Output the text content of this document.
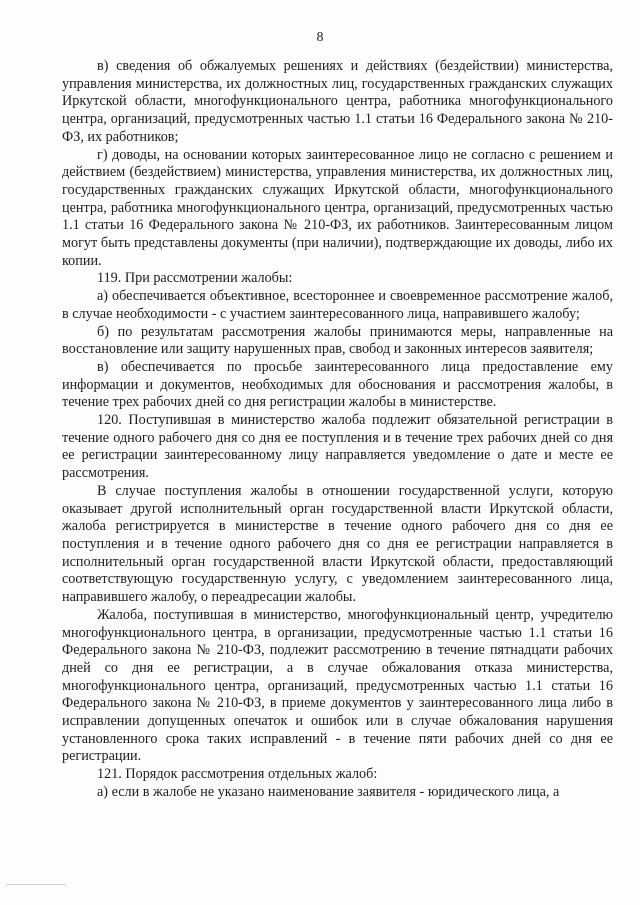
8

в) сведения об обжалуемых решениях и действиях (бездействии) министерства, управления министерства, их должностных лиц, государственных гражданских служащих Иркутской области, многофункционального центра, работника многофункционального центра, организаций, предусмотренных частью 1.1 статьи 16 Федерального закона № 210-ФЗ, их работников;

г) доводы, на основании которых заинтересованное лицо не согласно с решением и действием (бездействием) министерства, управления министерства, их должностных лиц, государственных гражданских служащих Иркутской области, многофункционального центра, работника многофункционального центра, организаций, предусмотренных частью 1.1 статьи 16 Федерального закона № 210-ФЗ, их работников. Заинтересованным лицом могут быть представлены документы (при наличии), подтверждающие их доводы, либо их копии.

119. При рассмотрении жалобы:

а) обеспечивается объективное, всестороннее и своевременное рассмотрение жалоб, в случае необходимости - с участием заинтересованного лица, направившего жалобу;

б) по результатам рассмотрения жалобы принимаются меры, направленные на восстановление или защиту нарушенных прав, свобод и законных интересов заявителя;

в) обеспечивается по просьбе заинтересованного лица предоставление ему информации и документов, необходимых для обоснования и рассмотрения жалобы, в течение трех рабочих дней со дня регистрации жалобы в министерстве.

120. Поступившая в министерство жалоба подлежит обязательной регистрации в течение одного рабочего дня со дня ее поступления и в течение трех рабочих дней со дня ее регистрации заинтересованному лицу направляется уведомление о дате и месте ее рассмотрения.

В случае поступления жалобы в отношении государственной услуги, которую оказывает другой исполнительный орган государственной власти Иркутской области, жалоба регистрируется в министерстве в течение одного рабочего дня со дня ее поступления и в течение одного рабочего дня со дня ее регистрации направляется в исполнительный орган государственной власти Иркутской области, предоставляющий соответствующую государственную услугу, с уведомлением заинтересованного лица, направившего жалобу, о переадресации жалобы.

Жалоба, поступившая в министерство, многофункциональный центр, учредителю многофункционального центра, в организации, предусмотренные частью 1.1 статьи 16 Федерального закона № 210-ФЗ, подлежит рассмотрению в течение пятнадцати рабочих дней со дня ее регистрации, а в случае обжалования отказа министерства, многофункционального центра, организаций, предусмотренных частью 1.1 статьи 16 Федерального закона № 210-ФЗ, в приеме документов у заинтересованного лица либо в исправлении допущенных опечаток и ошибок или в случае обжалования нарушения установленного срока таких исправлений - в течение пяти рабочих дней со дня ее регистрации.

121. Порядок рассмотрения отдельных жалоб:

а) если в жалобе не указано наименование заявителя - юридического лица, а
